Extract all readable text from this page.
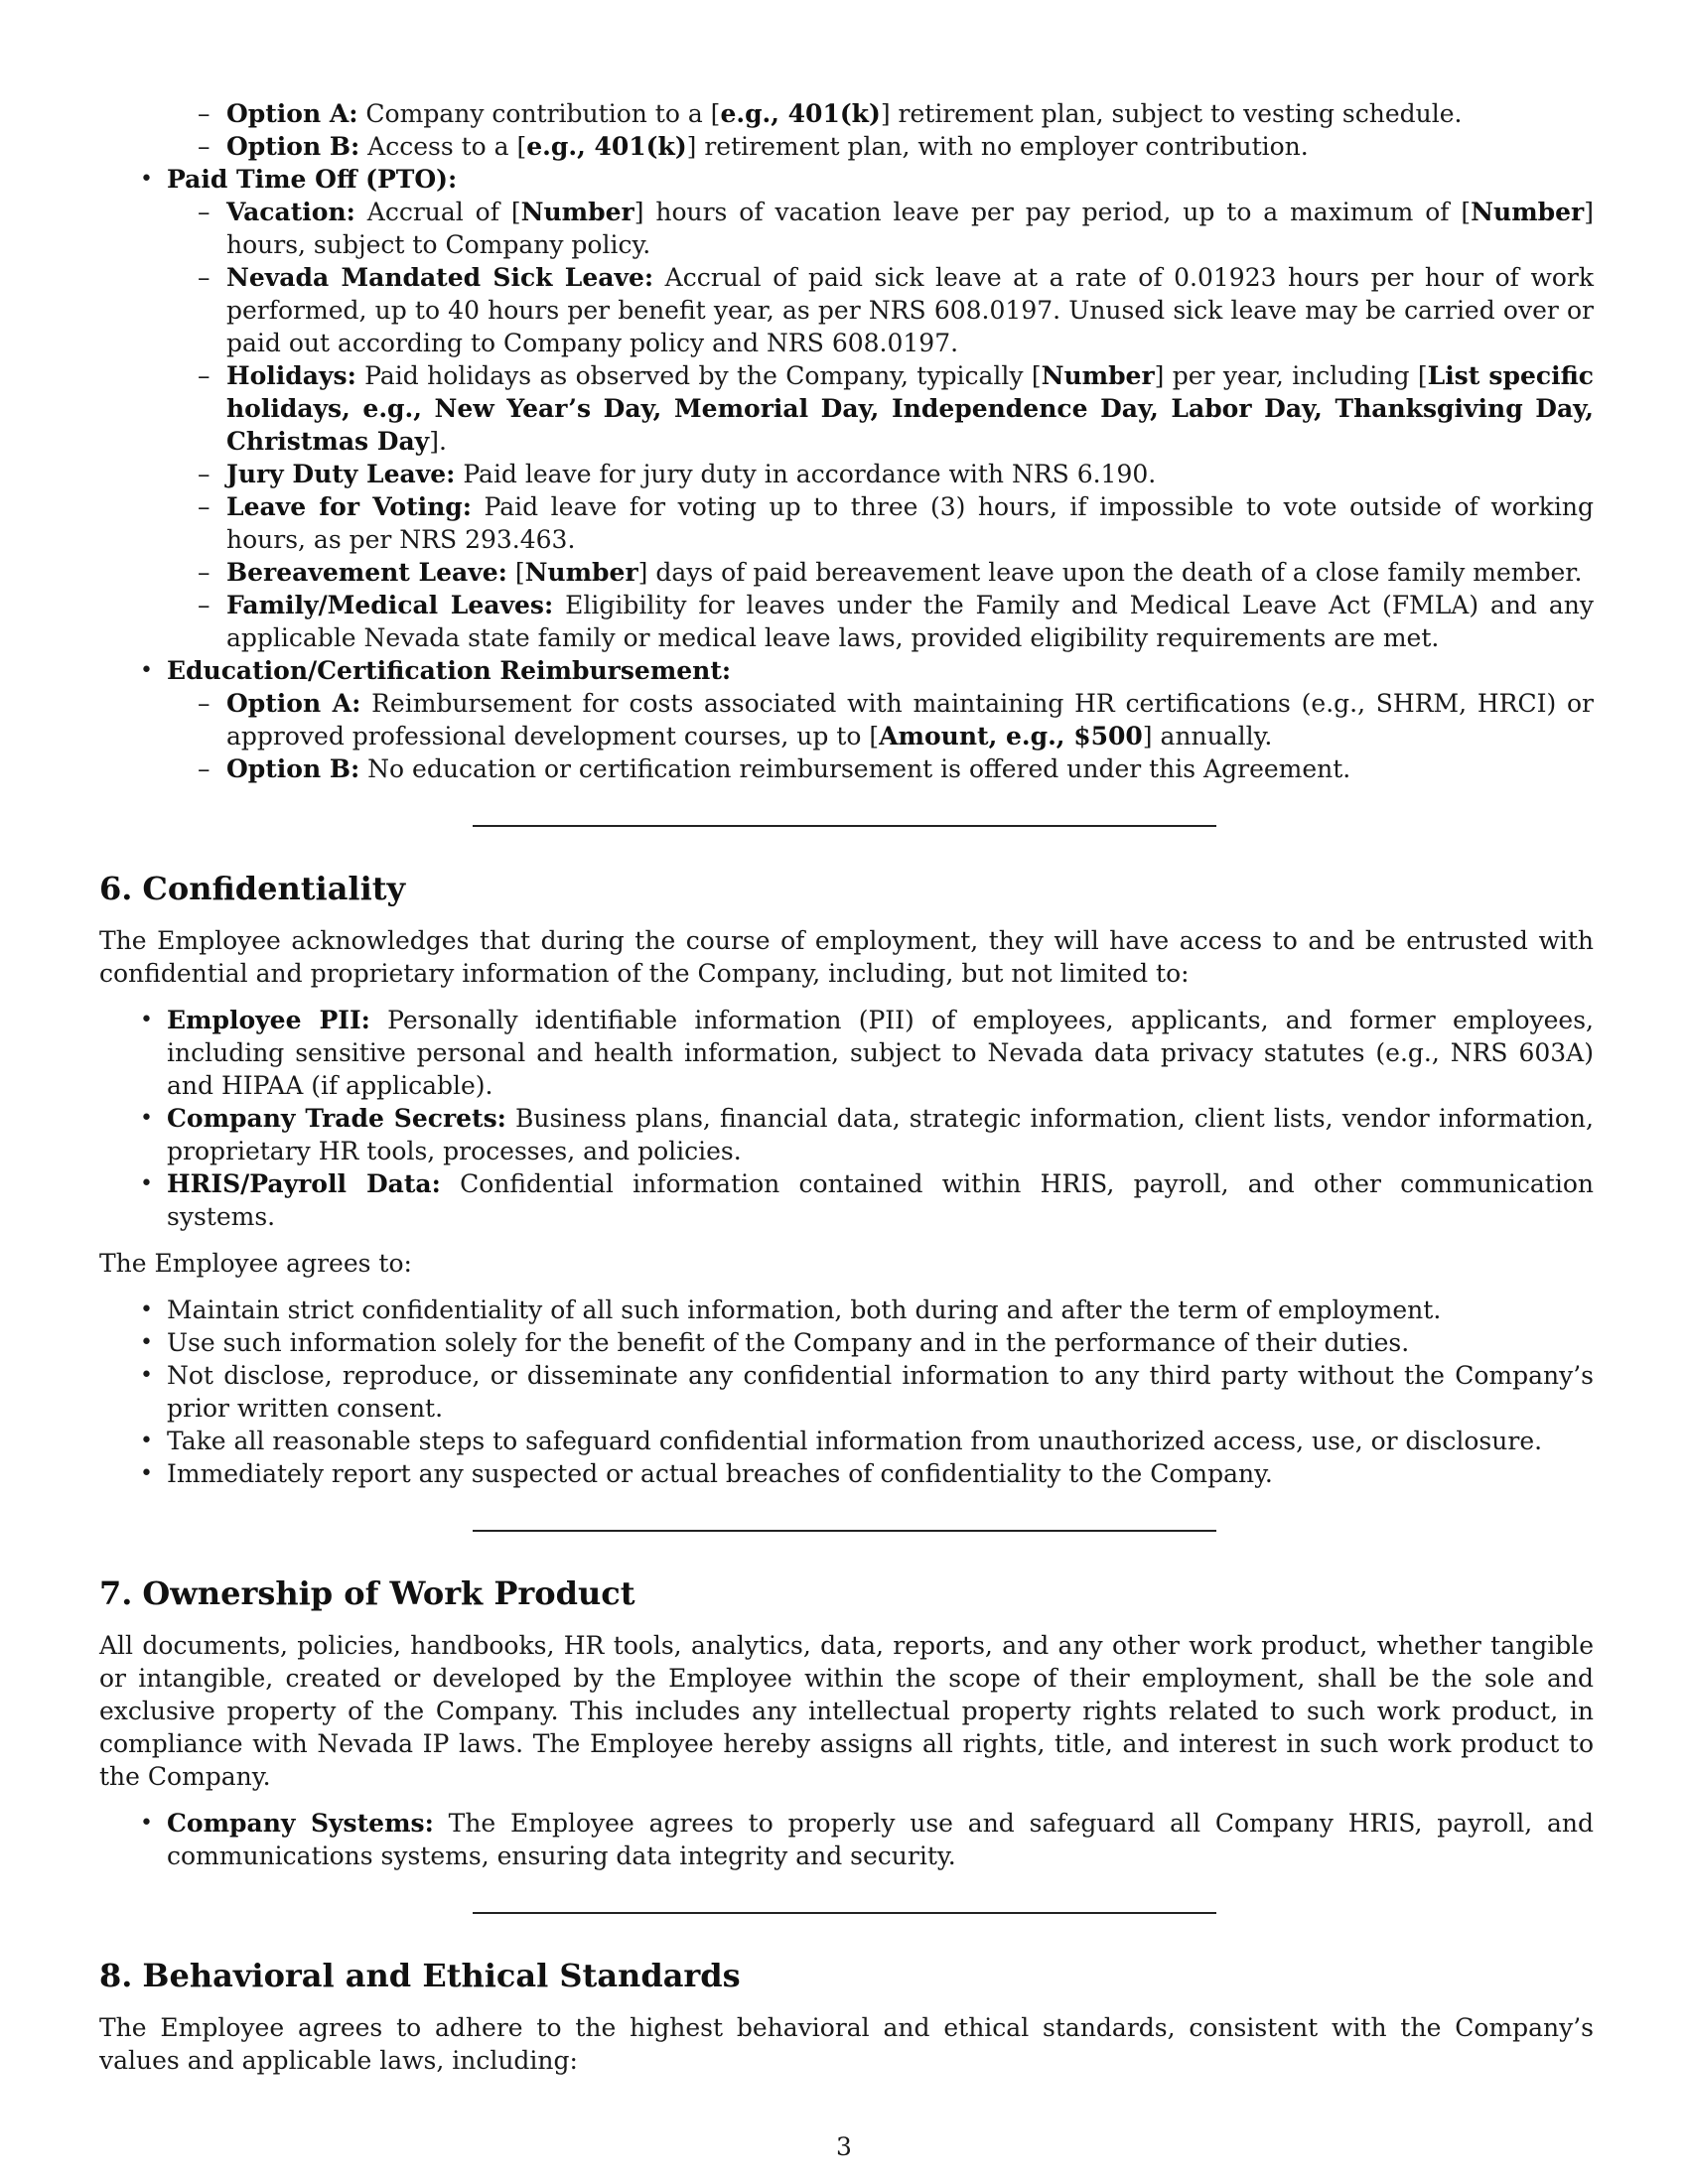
– Option A: Company contribution to a [e.g., 401(k)] retirement plan, subject to vesting schedule.
– Option B: Access to a [e.g., 401(k)] retirement plan, with no employer contribution.
• Paid Time Off (PTO):
– Vacation: Accrual of [Number] hours of vacation leave per pay period, up to a maximum of [Number] hours, subject to Company policy.
– Nevada Mandated Sick Leave: Accrual of paid sick leave at a rate of 0.01923 hours per hour of work performed, up to 40 hours per benefit year, as per NRS 608.0197. Unused sick leave may be carried over or paid out according to Company policy and NRS 608.0197.
– Holidays: Paid holidays as observed by the Company, typically [Number] per year, including [List specific holidays, e.g., New Year’s Day, Memorial Day, Independence Day, Labor Day, Thanksgiving Day, Christmas Day].
– Jury Duty Leave: Paid leave for jury duty in accordance with NRS 6.190.
– Leave for Voting: Paid leave for voting up to three (3) hours, if impossible to vote outside of working hours, as per NRS 293.463.
– Bereavement Leave: [Number] days of paid bereavement leave upon the death of a close family member.
– Family/Medical Leaves: Eligibility for leaves under the Family and Medical Leave Act (FMLA) and any applicable Nevada state family or medical leave laws, provided eligibility requirements are met.
• Education/Certification Reimbursement:
– Option A: Reimbursement for costs associated with maintaining HR certifications (e.g., SHRM, HRCI) or approved professional development courses, up to [Amount, e.g., $500] annually.
– Option B: No education or certification reimbursement is offered under this Agreement.
6. Confidentiality

The Employee acknowledges that during the course of employment, they will have access to and be entrusted with confidential and proprietary information of the Company, including, but not limited to:

• Employee PII: Personally identifiable information (PII) of employees, applicants, and former employees, including sensitive personal and health information, subject to Nevada data privacy statutes (e.g., NRS 603A) and HIPAA (if applicable).
• Company Trade Secrets: Business plans, financial data, strategic information, client lists, vendor information, proprietary HR tools, processes, and policies.
• HRIS/Payroll Data: Confidential information contained within HRIS, payroll, and other communication systems.

The Employee agrees to:

• Maintain strict confidentiality of all such information, both during and after the term of employment.
• Use such information solely for the benefit of the Company and in the performance of their duties.
• Not disclose, reproduce, or disseminate any confidential information to any third party without the Company’s prior written consent.
• Take all reasonable steps to safeguard confidential information from unauthorized access, use, or disclosure.
• Immediately report any suspected or actual breaches of confidentiality to the Company.
7. Ownership of Work Product

All documents, policies, handbooks, HR tools, analytics, data, reports, and any other work product, whether tangible or intangible, created or developed by the Employee within the scope of their employment, shall be the sole and exclusive property of the Company. This includes any intellectual property rights related to such work product, in compliance with Nevada IP laws. The Employee hereby assigns all rights, title, and interest in such work product to the Company.

• Company Systems: The Employee agrees to properly use and safeguard all Company HRIS, payroll, and communications systems, ensuring data integrity and security.
8. Behavioral and Ethical Standards

The Employee agrees to adhere to the highest behavioral and ethical standards, consistent with the Company’s values and applicable laws, including:

3
